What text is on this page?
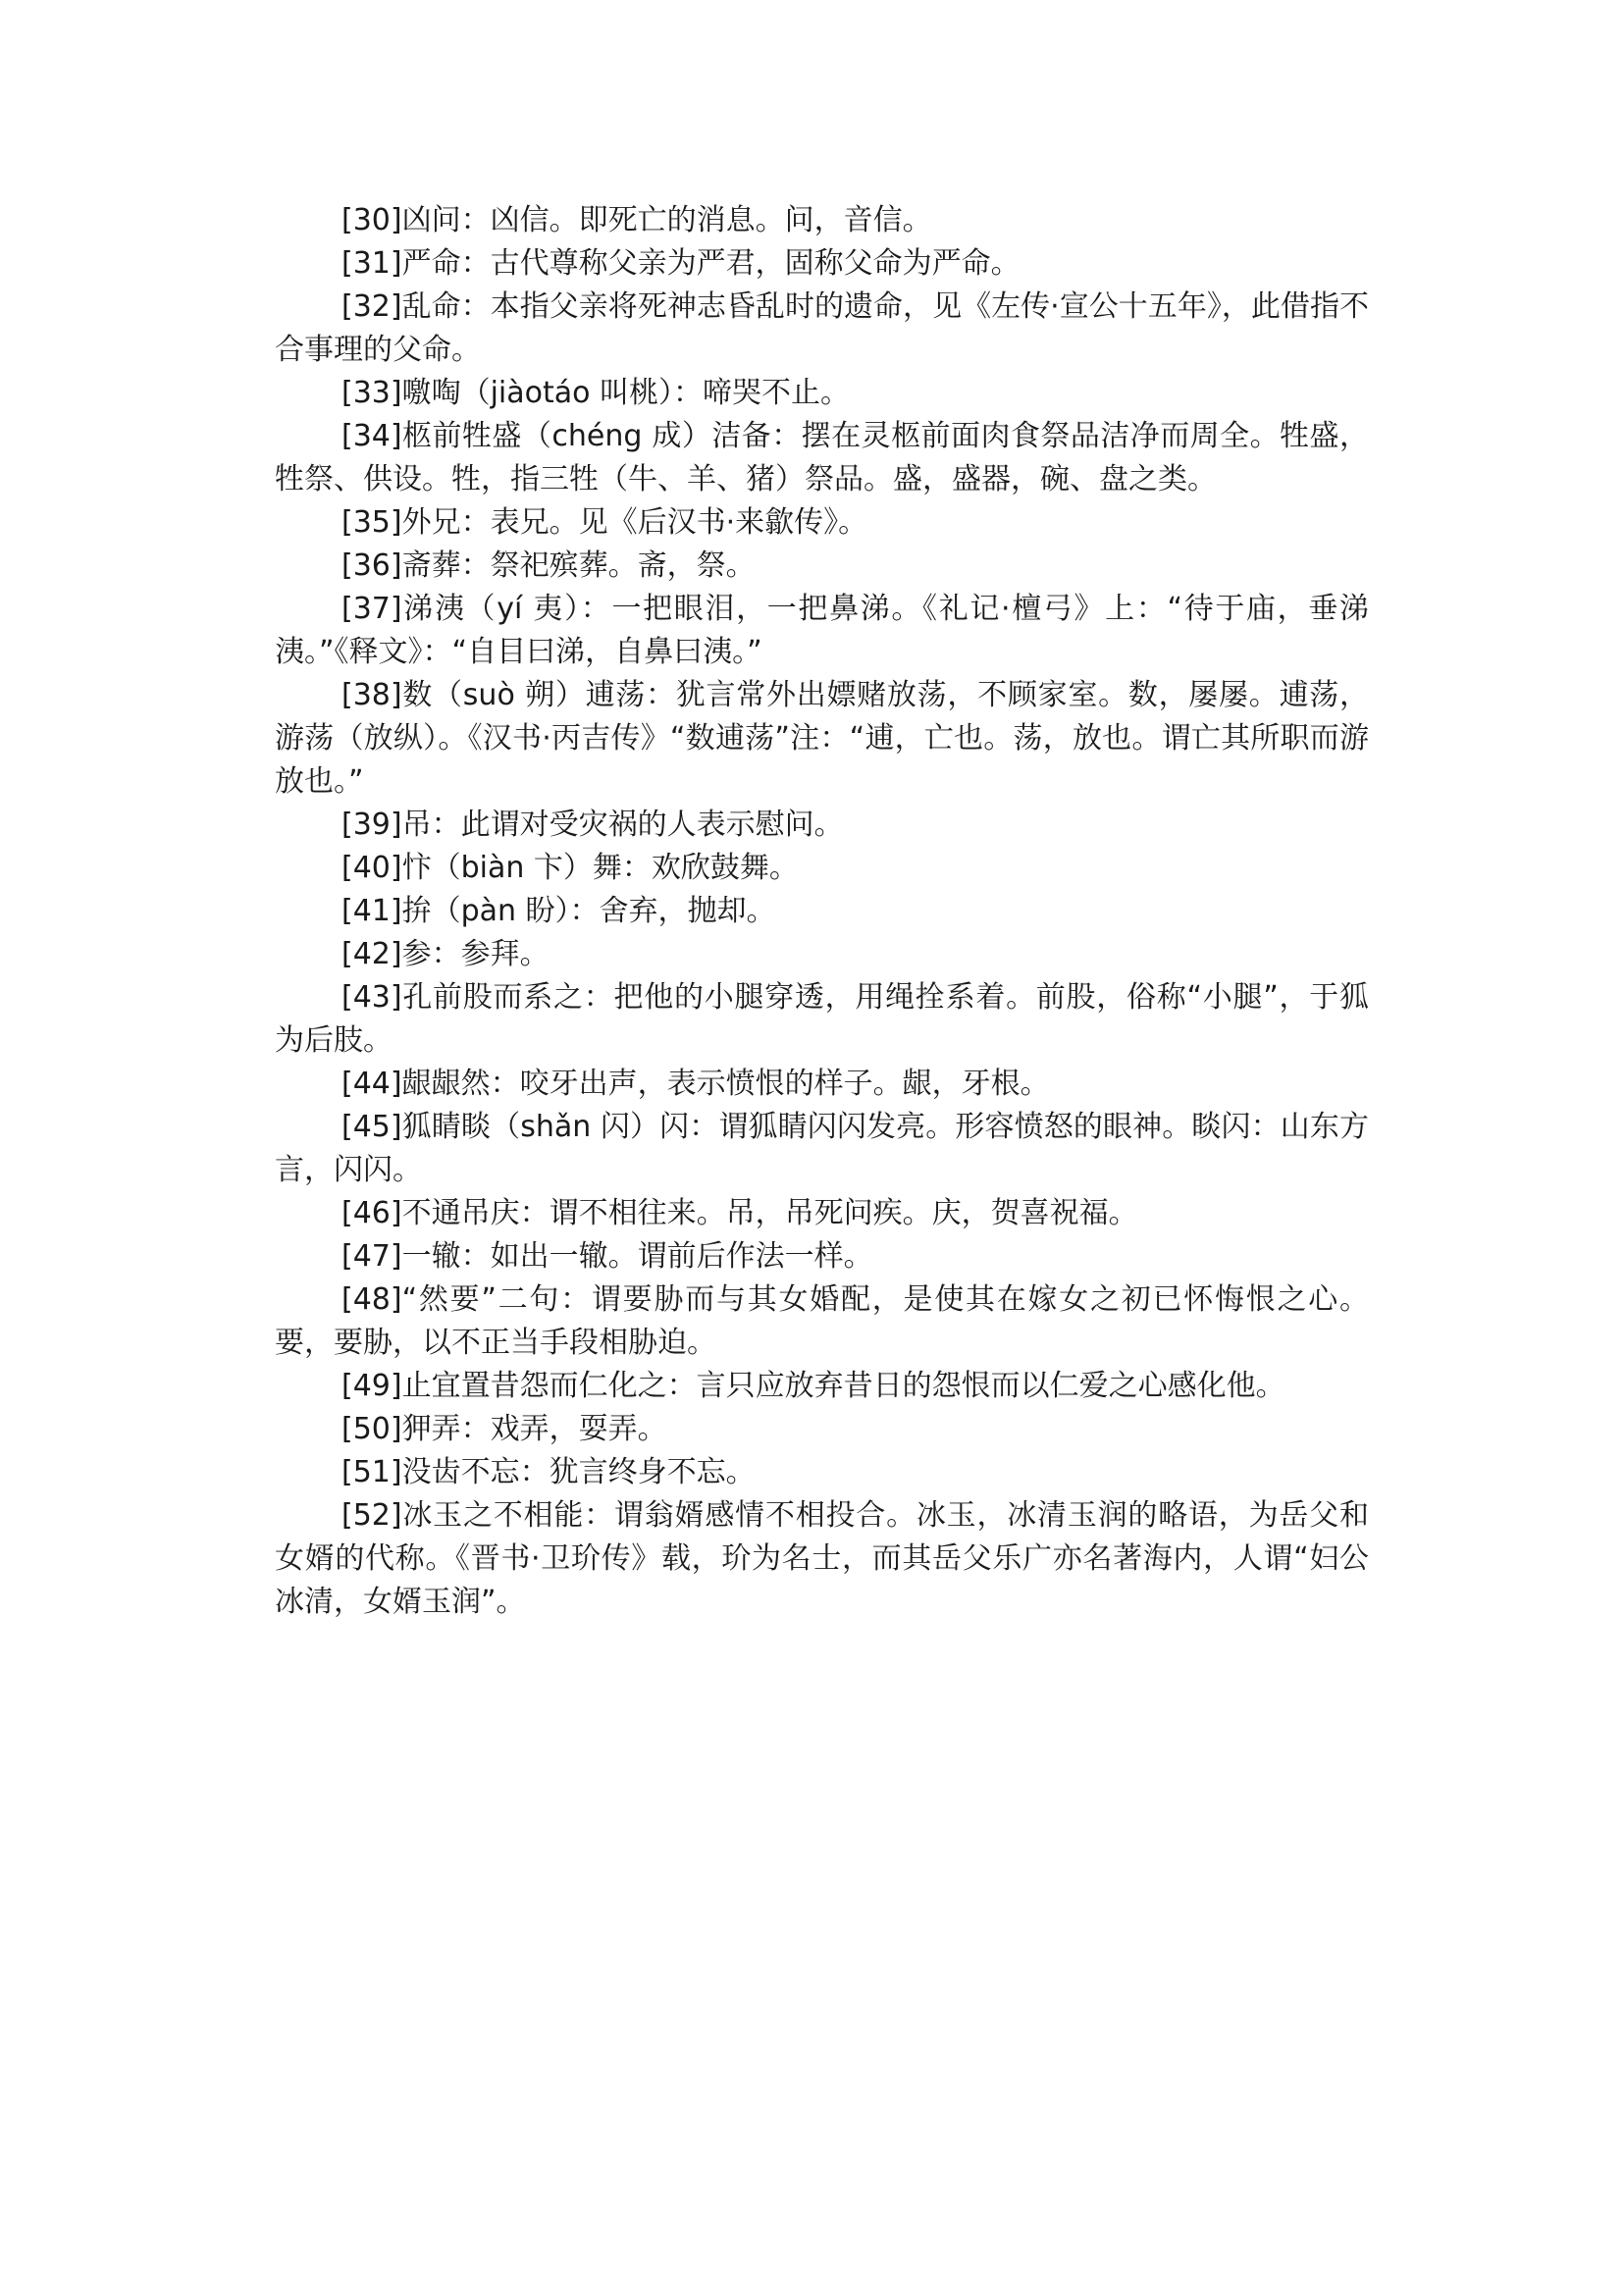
[30]凶问：凶信。即死亡的消息。问，音信。
[31]严命：古代尊称父亲为严君，固称父命为严命。
[32]乱命：本指父亲将死神志昏乱时的遗命，见《左传·宣公十五年》，此借指不合事理的父命。
[33]噭啕（jiàotáo 叫桃）：啼哭不止。
[34]柩前牲盛（chéng 成）洁备：摆在灵柩前面肉食祭品洁净而周全。牲盛，牲祭、供设。牲，指三牲（牛、羊、猪）祭品。盛，盛器，碗、盘之类。
[35]外兄：表兄。见《后汉书·来歙传》。
[36]斋葬：祭祀殡葬。斋，祭。
[37]涕洟（yí 夷）：一把眼泪，一把鼻涕。《礼记·檀弓》上：“待于庙，垂涕洟。”《释文》：“自目曰涕，自鼻曰洟。”
[38]数（suò 朔）逋荡：犹言常外出嫖赌放荡，不顾家室。数，屡屡。逋荡，游荡（放纵）。《汉书·丙吉传》“数逋荡”注：“逋，亡也。荡，放也。谓亡其所职而游放也。”
[39]吊：此谓对受灾祸的人表示慰问。
[40]忭（biàn 卞）舞：欢欣鼓舞。
[41]拚（pàn 盼）：舍弃，抛却。
[42]参：参拜。
[43]孔前股而系之：把他的小腿穿透，用绳拴系着。前股，俗称“小腿”，于狐为后肢。
[44]龈龈然：咬牙出声，表示愤恨的样子。龈，牙根。
[45]狐睛睒（shǎn 闪）闪：谓狐睛闪闪发亮。形容愤怒的眼神。睒闪：山东方言，闪闪。
[46]不通吊庆：谓不相往来。吊，吊死问疾。庆，贺喜祝福。
[47]一辙：如出一辙。谓前后作法一样。
[48]“然要”二句：谓要胁而与其女婚配，是使其在嫁女之初已怀悔恨之心。要，要胁，以不正当手段相胁迫。
[49]止宜置昔怨而仁化之：言只应放弃昔日的怨恨而以仁爱之心感化他。
[50]狎弄：戏弄，耍弄。
[51]没齿不忘：犹言终身不忘。
[52]冰玉之不相能：谓翁婿感情不相投合。冰玉，冰清玉润的略语，为岳父和女婿的代称。《晋书·卫玠传》载，玠为名士，而其岳父乐广亦名著海内，人谓“妇公冰清，女婿玉润”。
